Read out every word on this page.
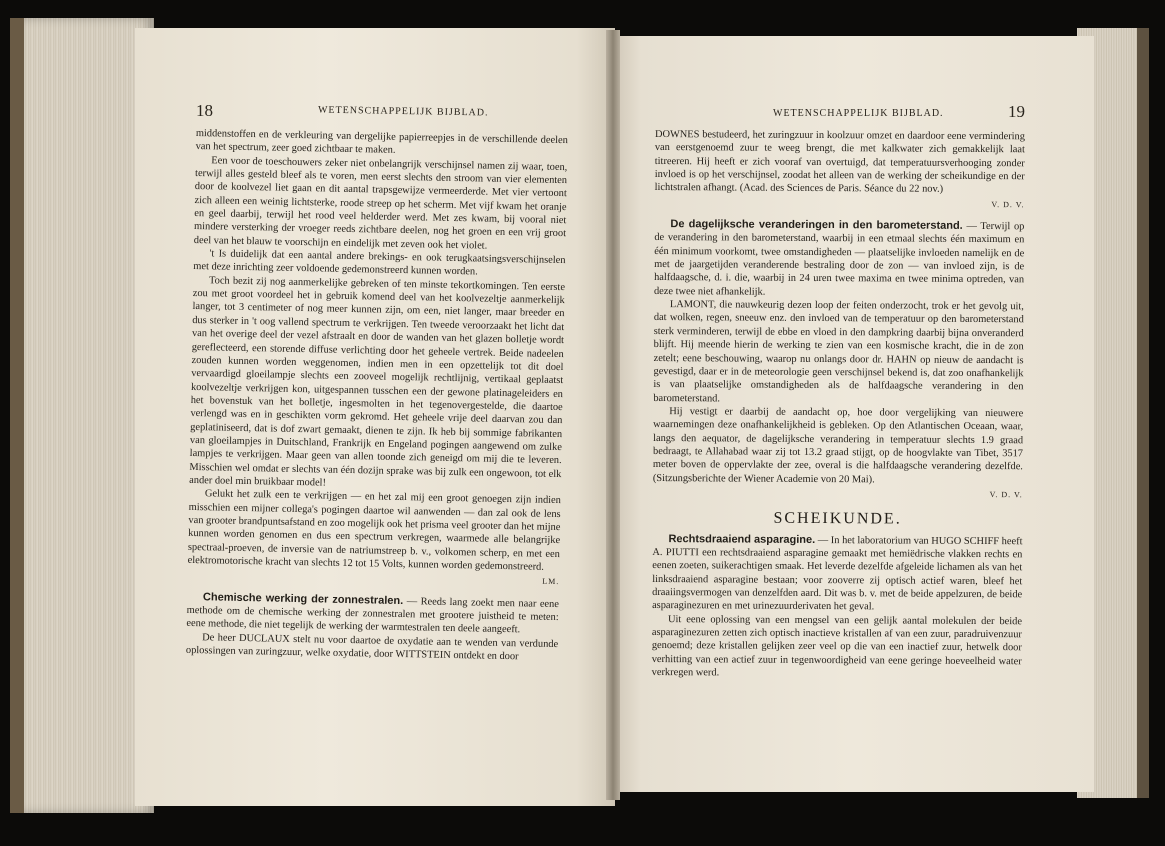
18	WETENSCHAPPELIJK BIJBLAD.

middenstoffen en de verkleuring van dergelijke papierreepjes in de verschillende deelen van het spectrum, zeer goed zichtbaar te maken.

Een voor de toeschouwers zeker niet onbelangrijk verschijnsel namen zij waar, toen, terwijl alles gesteld bleef als te voren, men eerst slechts den stroom van vier elementen door de koolvezel liet gaan en dit aantal trapsgewijze vermeerderde. Met vier vertoont zich alleen een weinig lichtsterke, roode streep op het scherm. Met vijf kwam het oranje en geel daarbij, terwijl het rood veel helderder werd. Met zes kwam, bij vooral niet mindere versterking der vroeger reeds zichtbare deelen, nog het groen en een vrij groot deel van het blauw te voorschijn en eindelijk met zeven ook het violet.

't Is duidelijk dat een aantal andere brekings- en ook terugkaatsingsverschijnselen met deze inrichting zeer voldoende gedemonstreerd kunnen worden.

Toch bezit zij nog aanmerkelijke gebreken of ten minste tekortkomingen. Ten eerste zou met groot voordeel het in gebruik komend deel van het koolvezeltje aanmerkelijk langer, tot 3 centimeter of nog meer kunnen zijn, om een, niet langer, maar breeder en dus sterker in 't oog vallend spectrum te verkrijgen. Ten tweede veroorzaakt het licht dat van het overige deel der vezel afstraalt en door de wanden van het glazen bolletje wordt gereflecteerd, een storende diffuse verlichting door het geheele vertrek. Beide nadeelen zouden kunnen worden weggenomen, indien men in een opzettelijk tot dit doel vervaardigd gloeilampje slechts een zooveel mogelijk rechtlijnig, vertikaal geplaatst koolvezeltje verkrijgen kon, uitgespannen tusschen een der gewone platinageleiders en het bovenstuk van het bolletje, ingesmolten in het tegenovergestelde, die daartoe verlengd was en in geschikten vorm gekromd. Het geheele vrije deel daarvan zou dan geplatiniseerd, dat is dof zwart gemaakt, dienen te zijn. Ik heb bij sommige fabrikanten van gloeilampjes in Duitschland, Frankrijk en Engeland pogingen aangewend om zulke lampjes te verkrijgen. Maar geen van allen toonde zich geneigd om mij die te leveren. Misschien wel omdat er slechts van één dozijn sprake was bij zulk een ongewoon, tot elk ander doel min bruikbaar model!

Gelukt het zulk een te verkrijgen — en het zal mij een groot genoegen zijn indien misschien een mijner collega's pogingen daartoe wil aanwenden — dan zal ook de lens van grooter brandpuntsafstand en zoo mogelijk ook het prisma veel grooter dan het mijne kunnen worden genomen en dus een spectrum verkregen, waarmede alle belangrijke spectraal-proeven, de inversie van de natriumstreep b. v., volkomen scherp, en met een elektromotorische kracht van slechts 12 tot 15 Volts, kunnen worden gedemonstreerd.

LM.

Chemische werking der zonnestralen. — Reeds lang zoekt men naar eene methode om de chemische werking der zonnestralen met grootere juistheid te meten: eene methode, die niet tegelijk de werking der warmtestralen ten deele aangeeft.

De heer DUCLAUX stelt nu voor daartoe de oxydatie aan te wenden van verdunde oplossingen van zuringzuur, welke oxydatie, door WITTSTEIN ontdekt en door

WETENSCHAPPELIJK BIJBLAD.	19

DOWNES bestudeerd, het zuringzuur in koolzuur omzet en daardoor eene vermindering van eerstgenoemd zuur te weeg brengt, die met kalkwater zich gemakkelijk laat titreeren. Hij heeft er zich vooraf van overtuigd, dat temperatuursverhooging zonder invloed is op het verschijnsel, zoodat het alleen van de werking der scheikundige en der lichtstralen afhangt. (Acad. des Sciences de Paris. Séance du 22 nov.)

V. D. V.

De dagelijksche veranderingen in den barometerstand. — Terwijl op de verandering in den barometerstand, waarbij in een etmaal slechts één maximum en één minimum voorkomt, twee omstandigheden — plaatselijke invloeden namelijk en de met de jaargetijden veranderende bestraling door de zon — van invloed zijn, is de halfdaagsche, d. i. die, waarbij in 24 uren twee maxima en twee minima optreden, van deze twee niet afhankelijk.

LAMONT, die nauwkeurig dezen loop der feiten onderzocht, trok er het gevolg uit, dat wolken, regen, sneeuw enz. den invloed van de temperatuur op den barometerstand sterk verminderen, terwijl de ebbe en vloed in den dampkring daarbij bijna onveranderd blijft. Hij meende hierin de werking te zien van een kosmische kracht, die in de zon zetelt; eene beschouwing, waarop nu onlangs door dr. HAHN op nieuw de aandacht is gevestigd, daar er in de meteorologie geen verschijnsel bekend is, dat zoo onafhankelijk is van plaatselijke omstandigheden als de halfdaagsche verandering in den barometerstand.

Hij vestigt er daarbij de aandacht op, hoe door vergelijking van nieuwere waarnemingen deze onafhankelijkheid is gebleken. Op den Atlantischen Oceaan, waar, langs den aequator, de dagelijksche verandering in temperatuur slechts 1.9 graad bedraagt, te Allahabad waar zij tot 13.2 graad stijgt, op de hoogvlakte van Tibet, 3517 meter boven de oppervlakte der zee, overal is die halfdaagsche verandering dezelfde. (Sitzungsberichte der Wiener Academie von 20 Mai).

V. D. V.
SCHEIKUNDE.

Rechtsdraaiend asparagine. — In het laboratorium van HUGO SCHIFF heeft A. PIUTTI een rechtsdraaiend asparagine gemaakt met hemiëdrische vlakken rechts en eenen zoeten, suikerachtigen smaak. Het leverde dezelfde afgeleide lichamen als van het linksdraaiend asparagine bestaan; voor zooverre zij optisch actief waren, bleef het draaiingsvermogen van denzelfden aard. Dit was b. v. met de beide appelzuren, de beide asparaginezuren en met urinezuurderivaten het geval.

Uit eene oplossing van een mengsel van een gelijk aantal molekulen der beide asparaginezuren zetten zich optisch inactieve kristallen af van een zuur, paradruivenzuur genoemd; deze kristallen gelijken zeer veel op die van een inactief zuur, hetwelk door verhitting van een actief zuur in tegenwoordigheid van eene geringe hoeveelheid water verkregen werd.
